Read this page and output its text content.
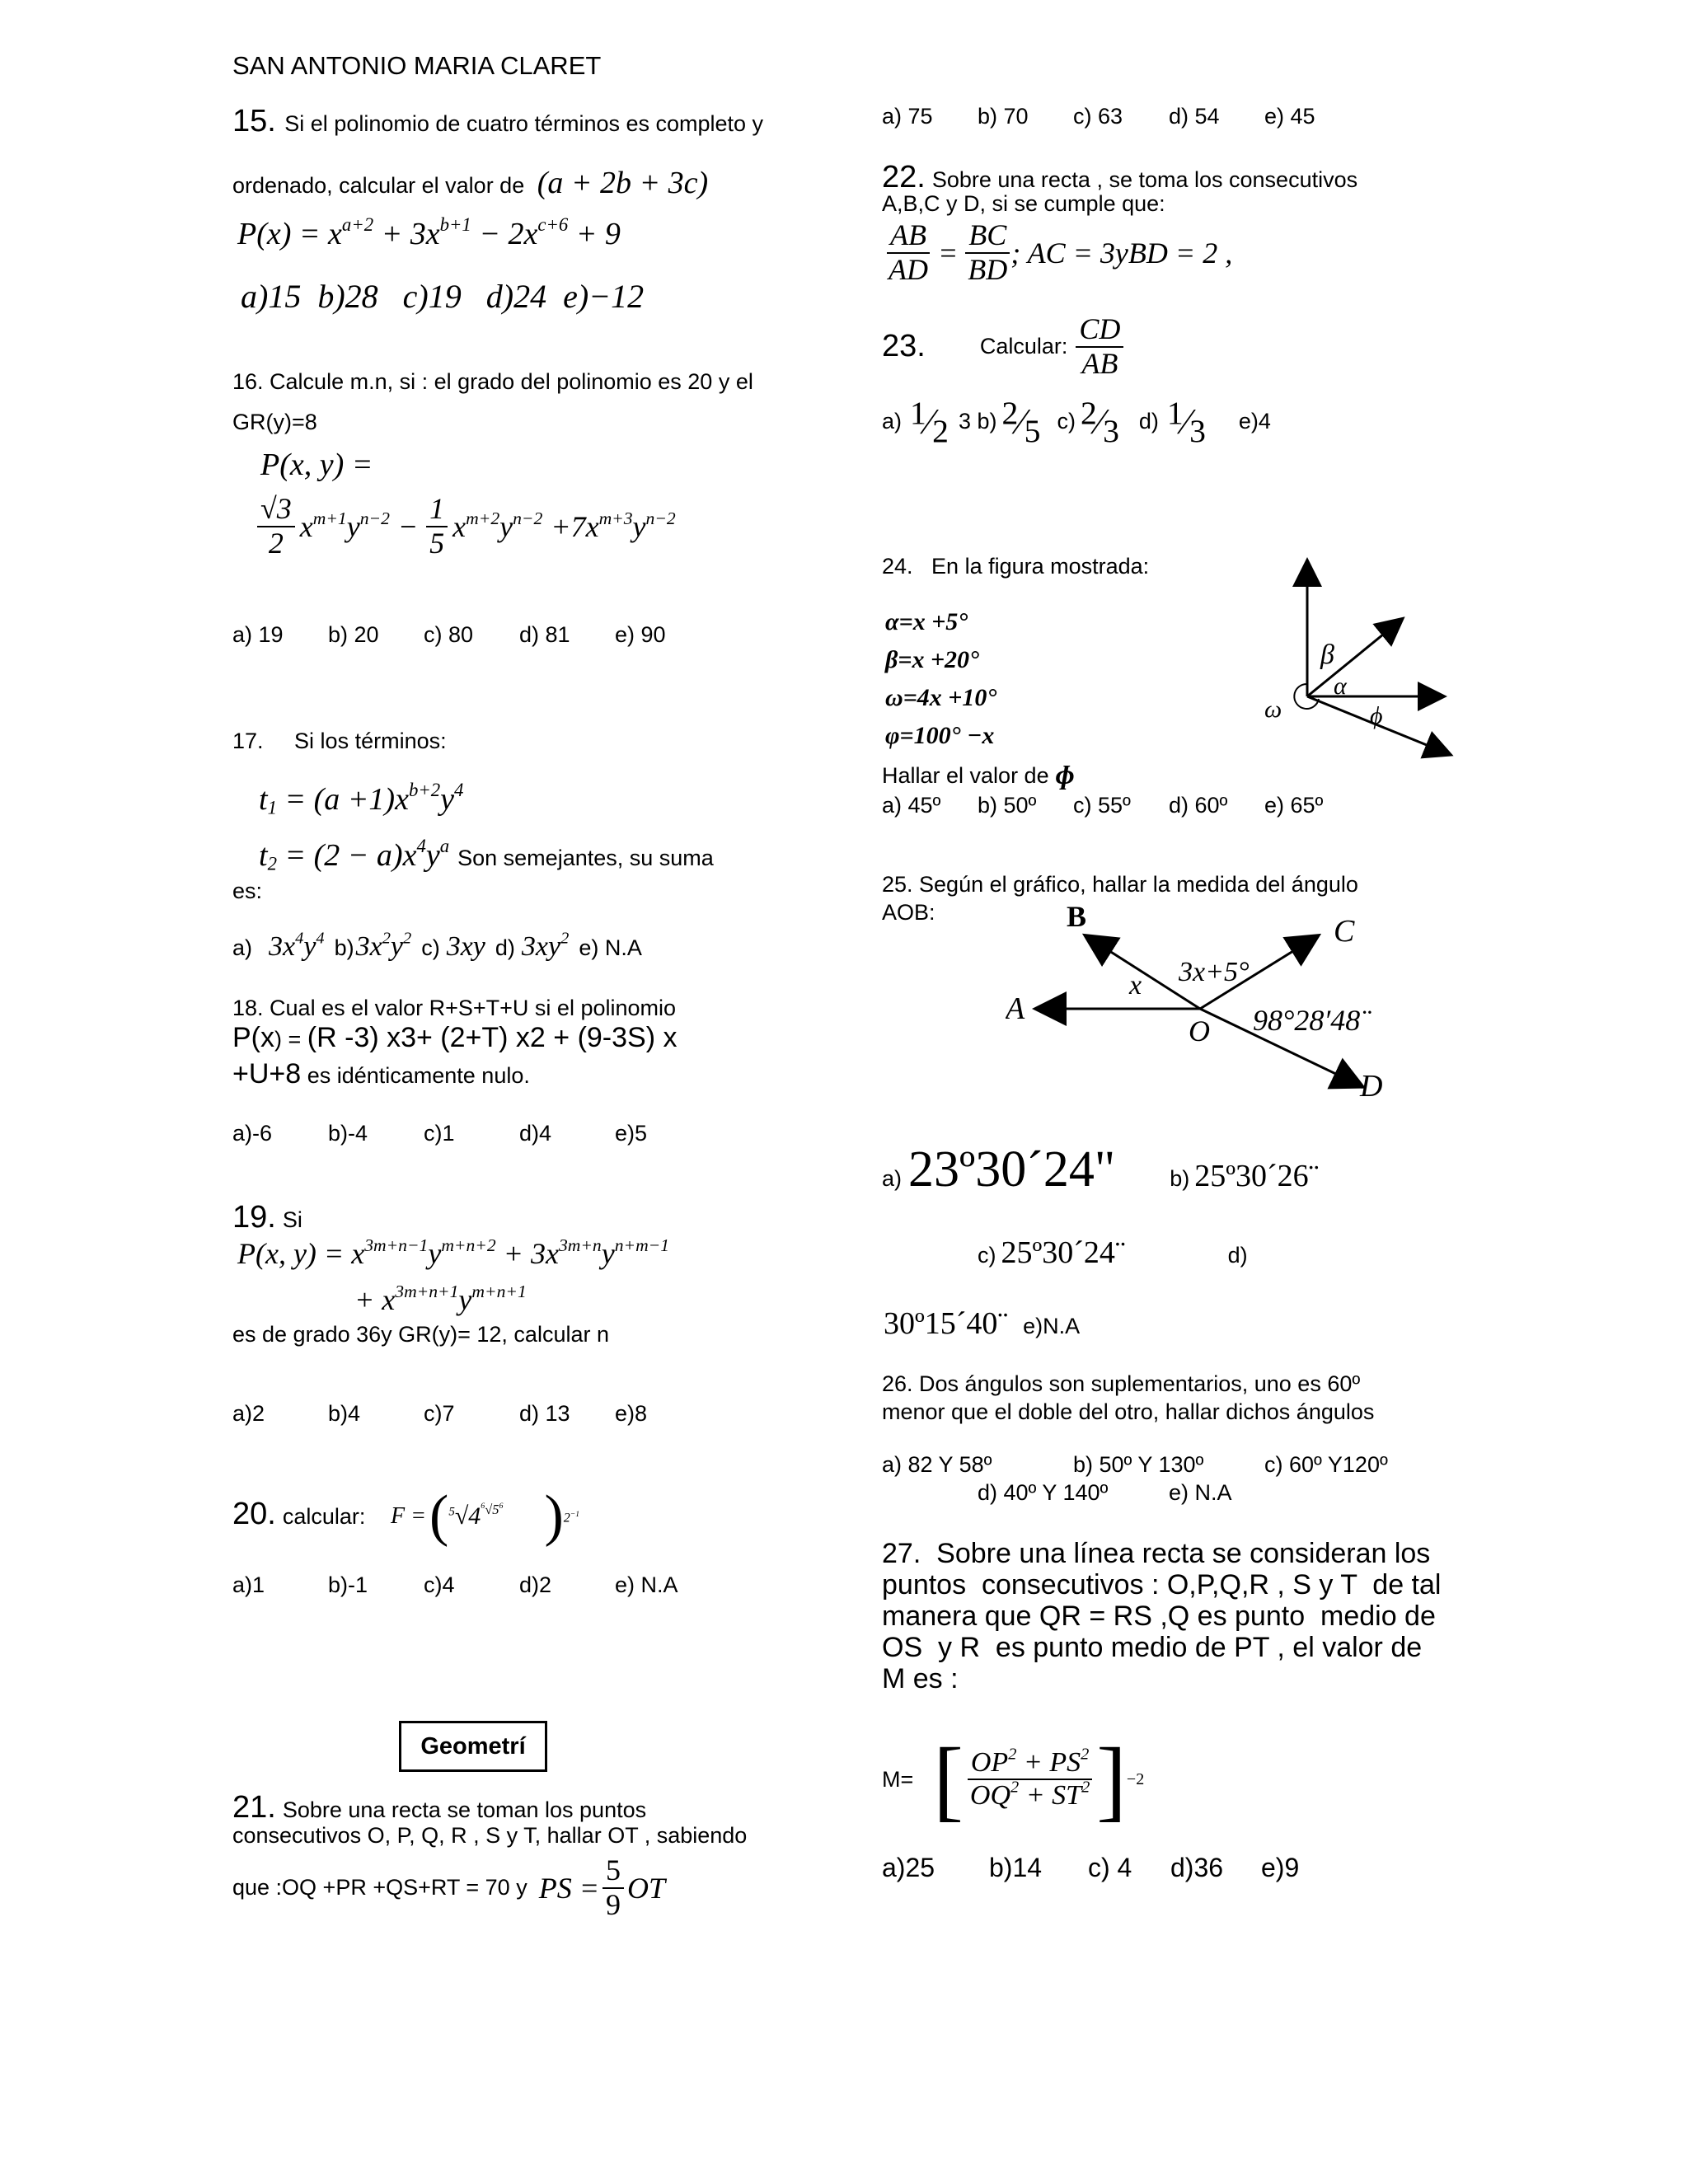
SAN ANTONIO MARIA CLARET
15. Si el polinomio de cuatro términos es completo y
ordenado, calcular el valor de (a + 2b + 3c)
$P(x) = x^{a+2} + 3x^{b+1} - 2x^{c+6} + 9$
a)15  b)28   c)19   d)24  e)−12
16. Calcule m.n, si : el grado del polinomio es 20 y el
GR(y)=8
P(x, y) =
$\frac{√3}{2} x^{m+1}y^{n-2} - \frac{1}{5} x^{m+2}y^{n-2} +7x^{m+3}y^{n-2}$
a) 19 b) 20 c) 80 d) 81 e) 90
17.     Si los términos:
$t_1 = (a +1)x^{b+2}y^4$
$t_2 = (2 - a)x^4y^a$ Son semejantes, su suma
es:
a) $3x^4y^4$ b) $3x^2y^2$ c) 3xy d) $3xy^2$ e) N.A
18. Cual es el valor R+S+T+U si el polinomio
P(x ) = (R -3) x3+ (2+T) x2 + (9-3S) x
+U+8 es idénticamente nulo.
a)-6	b)-4	c)1	d)4	e)5
19. Si
P(x, $y) = x^{3m+n-1}y^{m+n+2} + 3x^{3m+n}y^{n+m-1}$
+ $x^{3m+n+1}y^{m+n+1}$
es de grado 36y GR(y)= 12, calcular n
a)2	b)4	c)7	d) 13 e)8
20. calcular: F = ( $^5√4^{^6√5^6}$ ) $2^{-1}$
a)1	b)-1	c)4	d)2	e) N.A
Geometrí
21. Sobre una recta se toman los puntos
consecutivos O, P, Q, R , S y T, hallar OT , sabiendo
que :OQ +PR +QS+RT = 70 y PS = $\frac{5}{9}$ OT
a) 75 b) 70 c) 63 d) 54 e) 45
22. Sobre una recta , se toma los consecutivos
A,B,C y D, si se cumple que:
$\frac{AB}{AD} = \frac{BC}{BD}$ ; AC = 3yBD = 2 ,
23. Calcular: $\frac{CD}{AB}$
a) $^1⁄_2$ 3 b) $^2⁄_5$ c) $^2⁄_3$ d) $^1⁄_3$ e)4
24.   En la figura mostrada:
α=x +5°
β=x +20°
ω=4x +10°
φ=100° −x
Hallar el valor de ɸ
a) 45º b) 50º c) 55º d) 60º e) 65º
β
α
ω	ϕ
25. Según el gráfico, hallar la medida del ángulo
AOB:	B	C
A
D
O
x 3x+5°
98°28′48¨
a) 23º30´24" b) 25º30´26¨
c) 25º30´24¨	d)
30º15´40¨ e)N.A
26. Dos ángulos son suplementarios, uno es 60º
menor que el doble del otro, hallar dichos ángulos
a) 82 Y 58º	b) 50º Y 130º	c) 60º Y120º
d) 40º Y 140º	e) N.A
27.  Sobre una línea recta se consideran los
puntos  consecutivos : O,P,Q,R , S y T  de tal
manera que QR = RS ,Q es punto  medio de
OS  y R  es punto medio de PT , el valor de
M es :
M= [ $OP^2 + PS^2$
$OQ^2 + ST^2$ ] −2
a)25 b)14 c) 4 d)36 e)9
